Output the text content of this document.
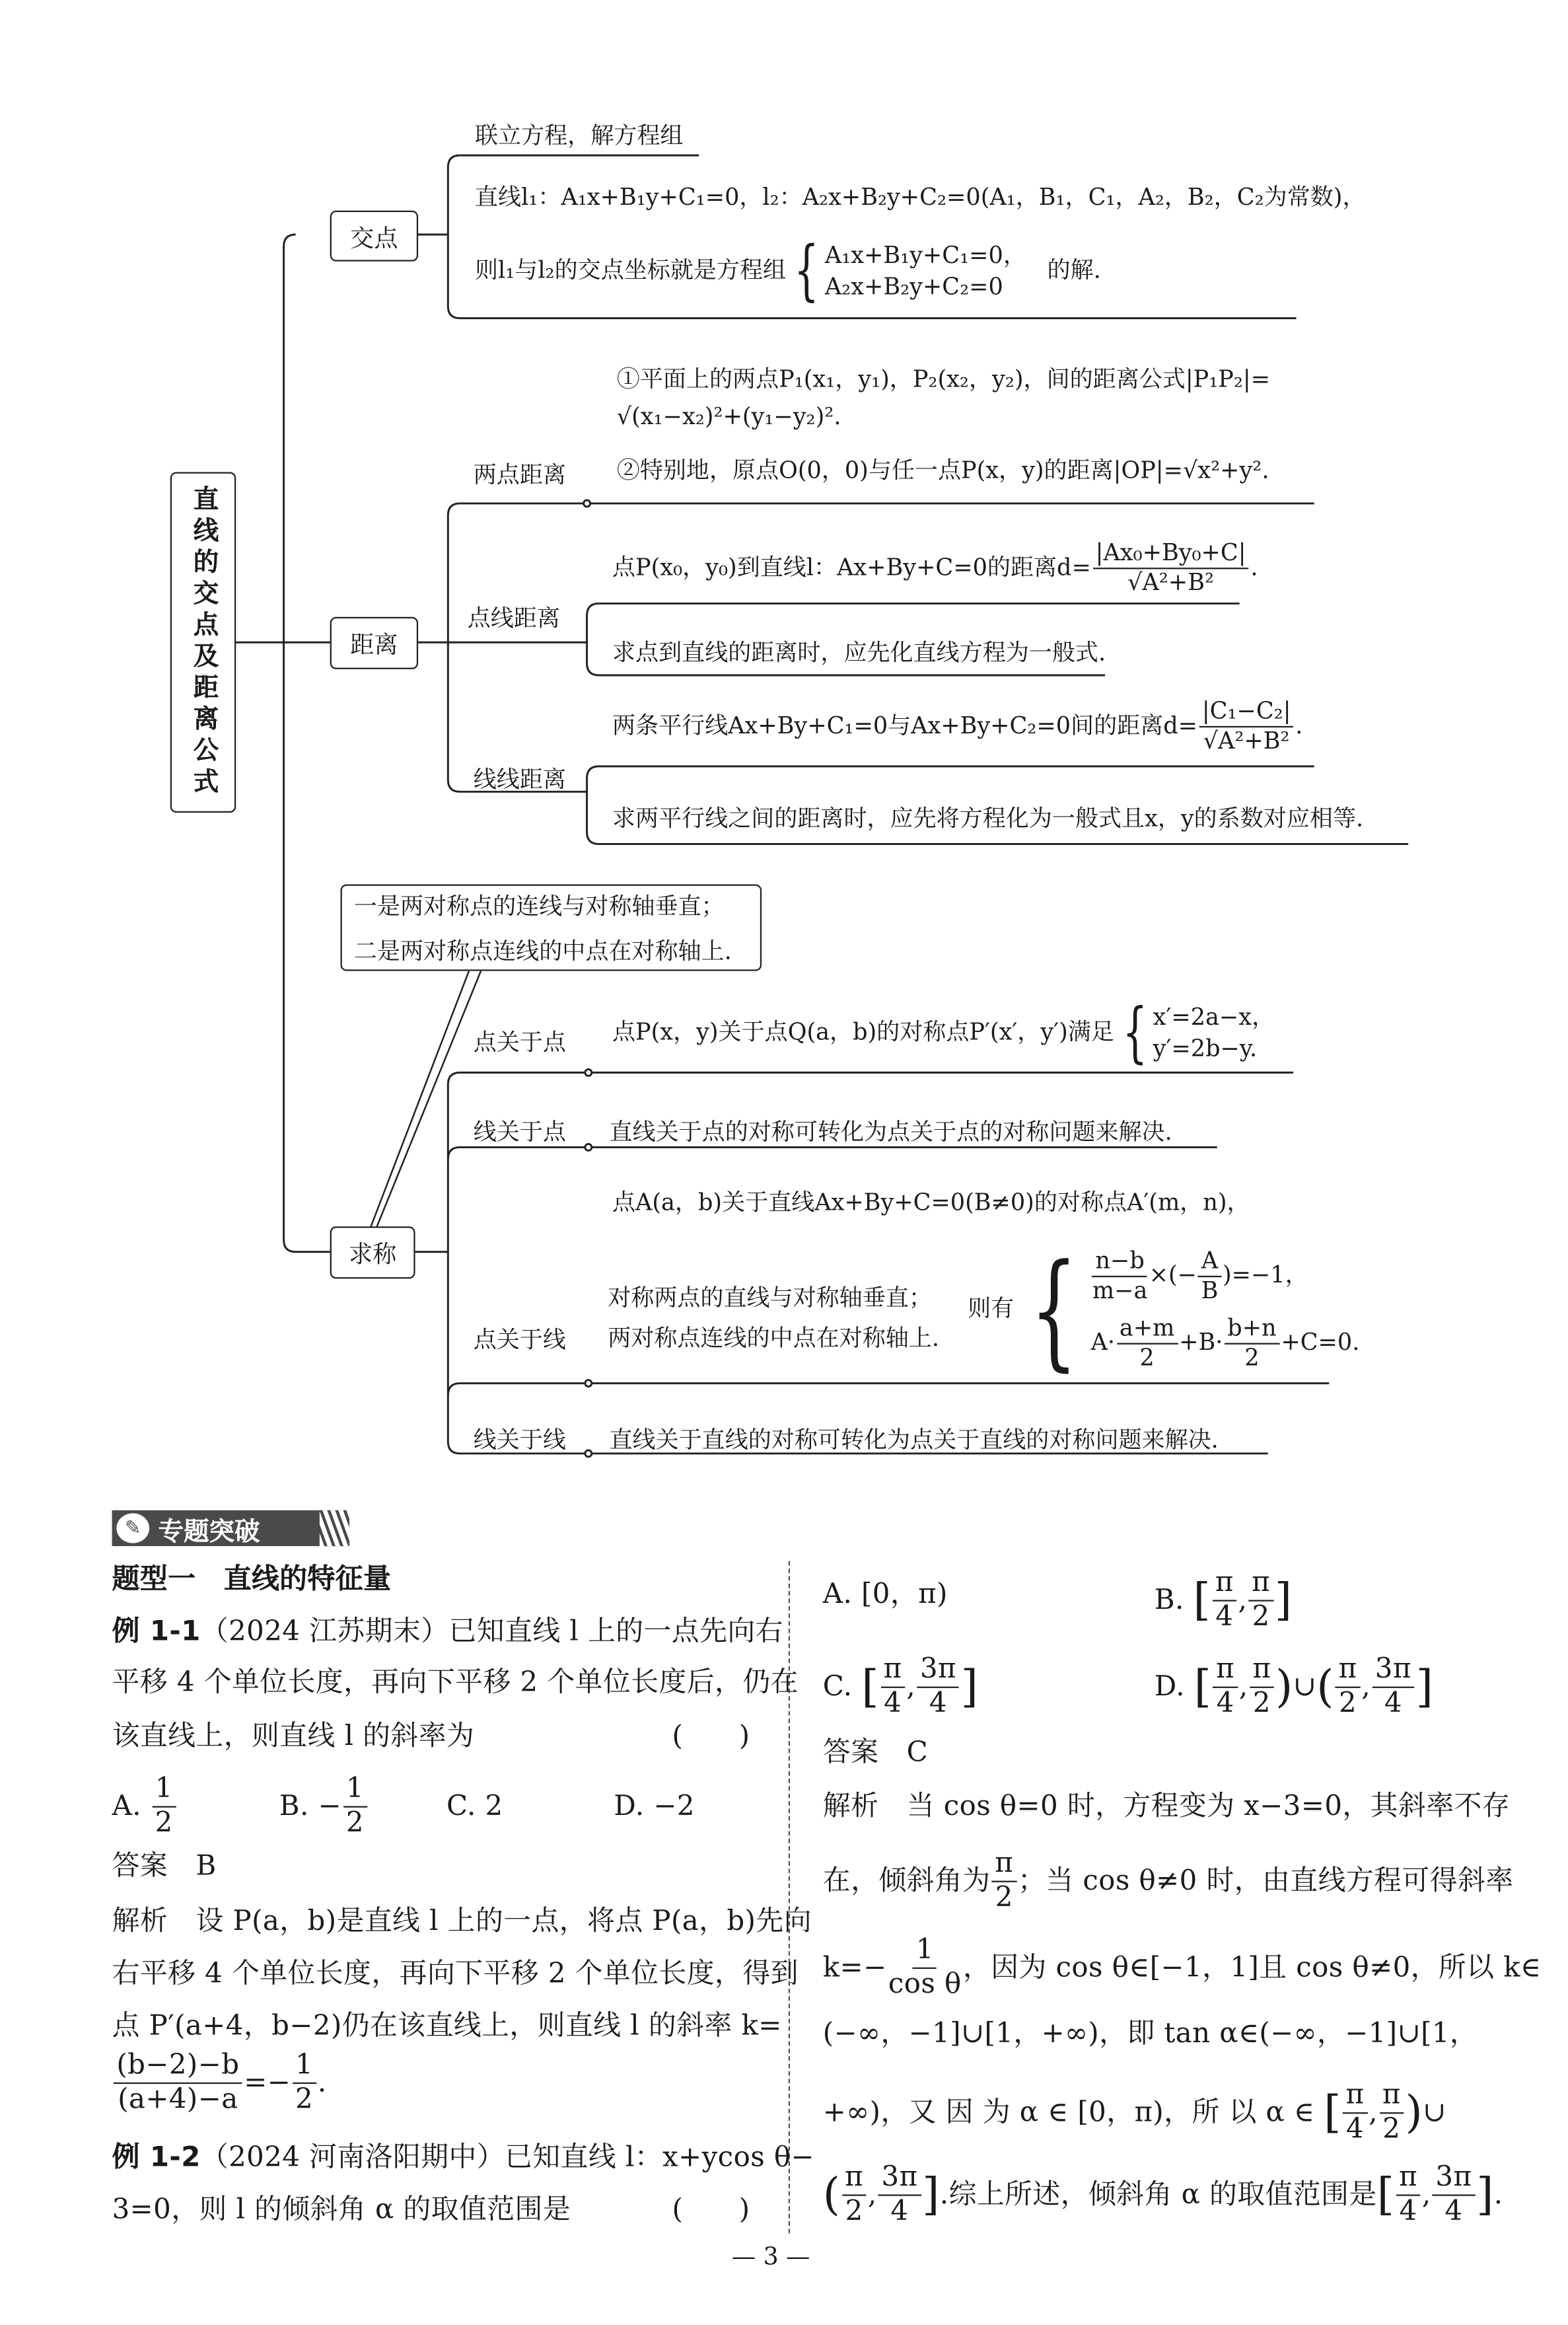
直线的交点及距离公式
交点
距离
求称
联立方程，解方程组
直线l₁：A₁x+B₁y+C₁=0，l₂：A₂x+B₂y+C₂=0(A₁，B₁，C₁，A₂，B₂，C₂为常数)，
则l₁与l₂的交点坐标就是方程组 { A₁x+B₁y+C₁=0，
A₂x+B₂y+C₂=0
的解.
①平面上的两点P₁(x₁，y₁)，P₂(x₂，y₂)，间的距离公式|P₁P₂|=
√(x₁−x₂)²+(y₁−y₂)².
②特别地，原点O(0，0)与任一点P(x，y)的距离|OP|=√x²+y².
两点距离
点P(x₀，y₀)到直线l：Ax+By+C=0的距离$d= \frac{\text{|Ax₀+By₀+C|}}{\text{√A²+B²}}$ .
点线距离
求点到直线的距离时，应先化直线方程为一般式.
两条平行线Ax+By+C₁=0与Ax+By+C₂=0间的距离$d= \frac{\text{|C₁−C₂|}}{\text{√A²+B²}}$ .
线线距离
求两平行线之间的距离时，应先将方程化为一般式且x，y的系数对应相等.
一是两对称点的连线与对称轴垂直；
二是两对称点连线的中点在对称轴上.
点关于点	点P(x，y)关于点Q(a，b)的对称点P′(x′，y′)满足 { x′=2a−x，
y′=2b−y.
线关于点	直线关于点的对称可转化为点关于点的对称问题来解决.
点A(a，b)关于直线Ax+By+C=0(B≠0)的对称点A′(m，n)，
对称两点的直线与对称轴垂直；
两对称点连线的中点在对称轴上.
点关于线
则有 { $\frac{n-b}{m-a}$ ×(− $\frac{A}{B} )=-1$，
$A\cdot \frac{a+m}{2} +B\cdot \frac{b+n}{2} +C=0$.
线关于线	直线关于直线的对称可转化为点关于直线的对称问题来解决.
✎	专题突破
题型一　直线的特征量
例 1-1（2024 江苏期末）已知直线 l 上的一点先向右
平移 4 个单位长度，再向下平移 2 个单位长度后，仍在
该直线上，则直线 l 的斜率为	(　　)
A. $\frac{1}{2}$	B. − $\frac{1}{2}$	C. 2	D. −2
答案　 B
解析　 设 P(a，b)是直线 l 上的一点，将点 P(a，b)先向
右平移 4 个单位长度，再向下平移 2 个单位长度，得到
点 P′(a+4，b−2)仍在该直线上，则直线 l 的斜率 k=
$\frac{(b-2)-b}{(a+4)-a} =- \frac{1}{2}$ .
例 1-2（2024 河南洛阳期中）已知直线 l：x+ycos θ−
3=0，则 l 的倾斜角 α 的取值范围是	(　　)
A. [0，π)	B.
[ $\frac{\pi}{4}$ , $\frac{\pi}{2}$ ]
C.
[ $\frac{\pi}{4}$ , $\frac{3\pi}{4}$ ]	D.
[ $\frac{\pi}{4}$ , $\frac{\pi}{2}$ ) ∪ ( $\frac{\pi}{2}$ , $\frac{3\pi}{4}$ ]
答案　 C
解析　 当 cos θ=0 时，方程变为 x−3=0，其斜率不存
在，倾斜角为 $\frac{\pi}{2}$ ；当 cos θ≠0 时，由直线方程可得斜率
$k=- \frac{1}{\text{cos θ}}$ ，因为 cos θ∈[−1，1]且 cos θ≠0，所以 k∈
(−∞，−1]∪[1，+∞)，即 tan α∈(−∞，−1]∪[1，
+∞)，又 因 为 α ∈ [0，π)，所 以 α ∈
[ $\frac{\pi}{4}$ , $\frac{\pi}{2}$ ) ∪
( $\frac{\pi}{2}$ , $\frac{3\pi}{4}$ ] .综上所述，倾斜角 α 的取值范围是 [ $\frac{\pi}{4}$ , $\frac{3\pi}{4}$ ] .
— 3 —
